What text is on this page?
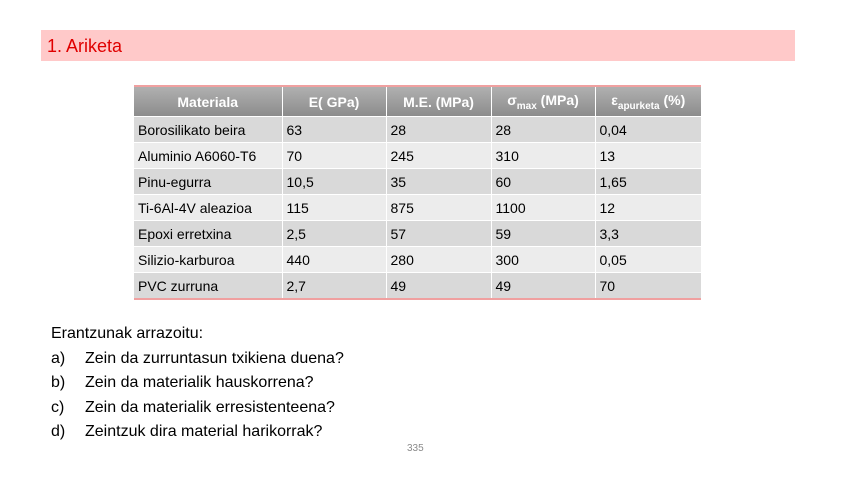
1. Ariketa
Materiala	E( GPa)	M.E. (MPa)	$\sigma_{max}$ (MPa)	$\varepsilon_{apurketa}$ (%)
Borosilikato beira	63	28	28	0,04
Aluminio A6060-T6	70	245	310	13
Pinu-egurra	10,5	35	60	1,65
Ti-6Al-4V aleazioa	115	875	1100	12
Epoxi erretxina	2,5	57	59	3,3
Silizio-karburoa	440	280	300	0,05
PVC zurruna	2,7	49	49	70
Erantzunak arrazoitu:
a)	Zein da zurruntasun txikiena duena?
b)	Zein da materialik hauskorrena?
c)	Zein da materialik erresistenteena?
d)	Zeintzuk dira material harikorrak?
335
